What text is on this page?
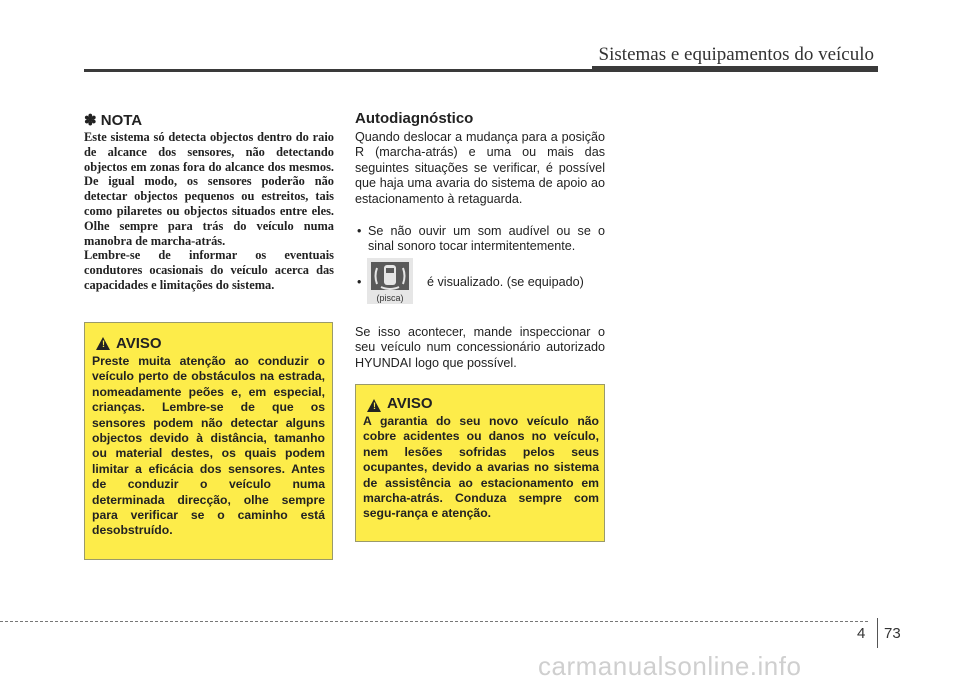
Sistemas e equipamentos do veículo
✽ NOTA

Este sistema só detecta objectos dentro do raio de alcance dos sensores, não detectando objectos em zonas fora do alcance dos mesmos. De igual modo, os sensores poderão não detectar objectos pequenos ou estreitos, tais como pilaretes ou objectos situados entre eles. Olhe sempre para trás do veículo numa manobra de marcha-atrás.

Lembre-se de informar os eventuais condutores ocasionais do veículo acerca das capacidades e limitações do sistema.

! AVISO
Preste muita atenção ao conduzir o veículo perto de obstáculos na estrada, nomeadamente peões e, em especial, crianças. Lembre-se de que os sensores podem não detectar alguns objectos devido à distância, tamanho ou material destes, os quais podem limitar a eficácia dos sensores. Antes de conduzir o veículo numa determinada direcção, olhe sempre para verificar se o caminho está desobstruído.
Autodiagnóstico
Quando deslocar a mudança para a posição R (marcha-atrás) e uma ou mais das seguintes situações se verificar, é possível que haja uma avaria do sistema de apoio ao estacionamento à retaguarda.
• Se não ouvir um som audível ou se o sinal sonoro tocar intermitentemente.
•
(pisca)
é visualizado. (se equipado)
Se isso acontecer, mande inspeccionar o seu veículo num concessionário autorizado HYUNDAI logo que possível.
! AVISO
A garantia do seu novo veículo não cobre acidentes ou danos no veículo, nem lesões sofridas pelos seus ocupantes, devido a avarias no sistema de assistência ao estacionamento em marcha-atrás. Conduza sempre com segu-rança e atenção.
4 73
carmanualsonline.info
